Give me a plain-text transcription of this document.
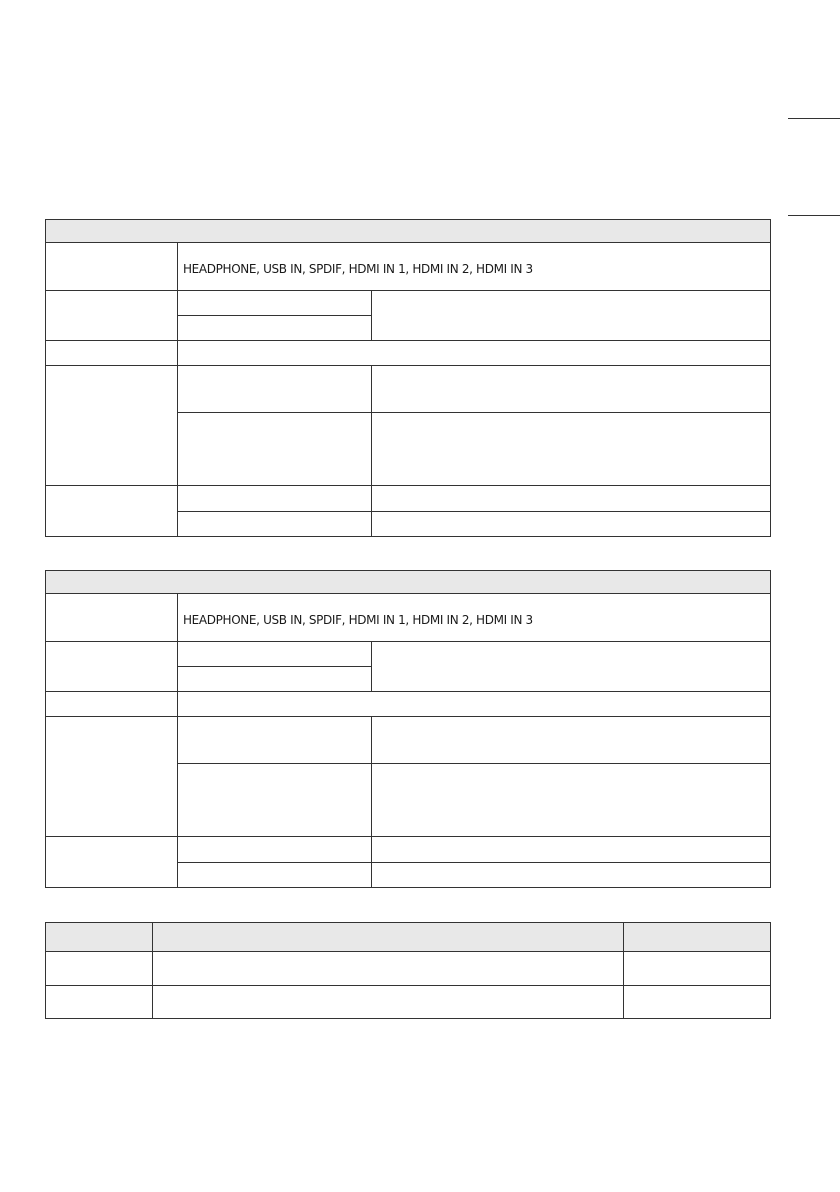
	HEADPHONE, USB IN, SPDIF, HDMI IN 1, HDMI IN 2, HDMI IN 3	

	HEADPHONE, USB IN, SPDIF, HDMI IN 1, HDMI IN 2, HDMI IN 3	
